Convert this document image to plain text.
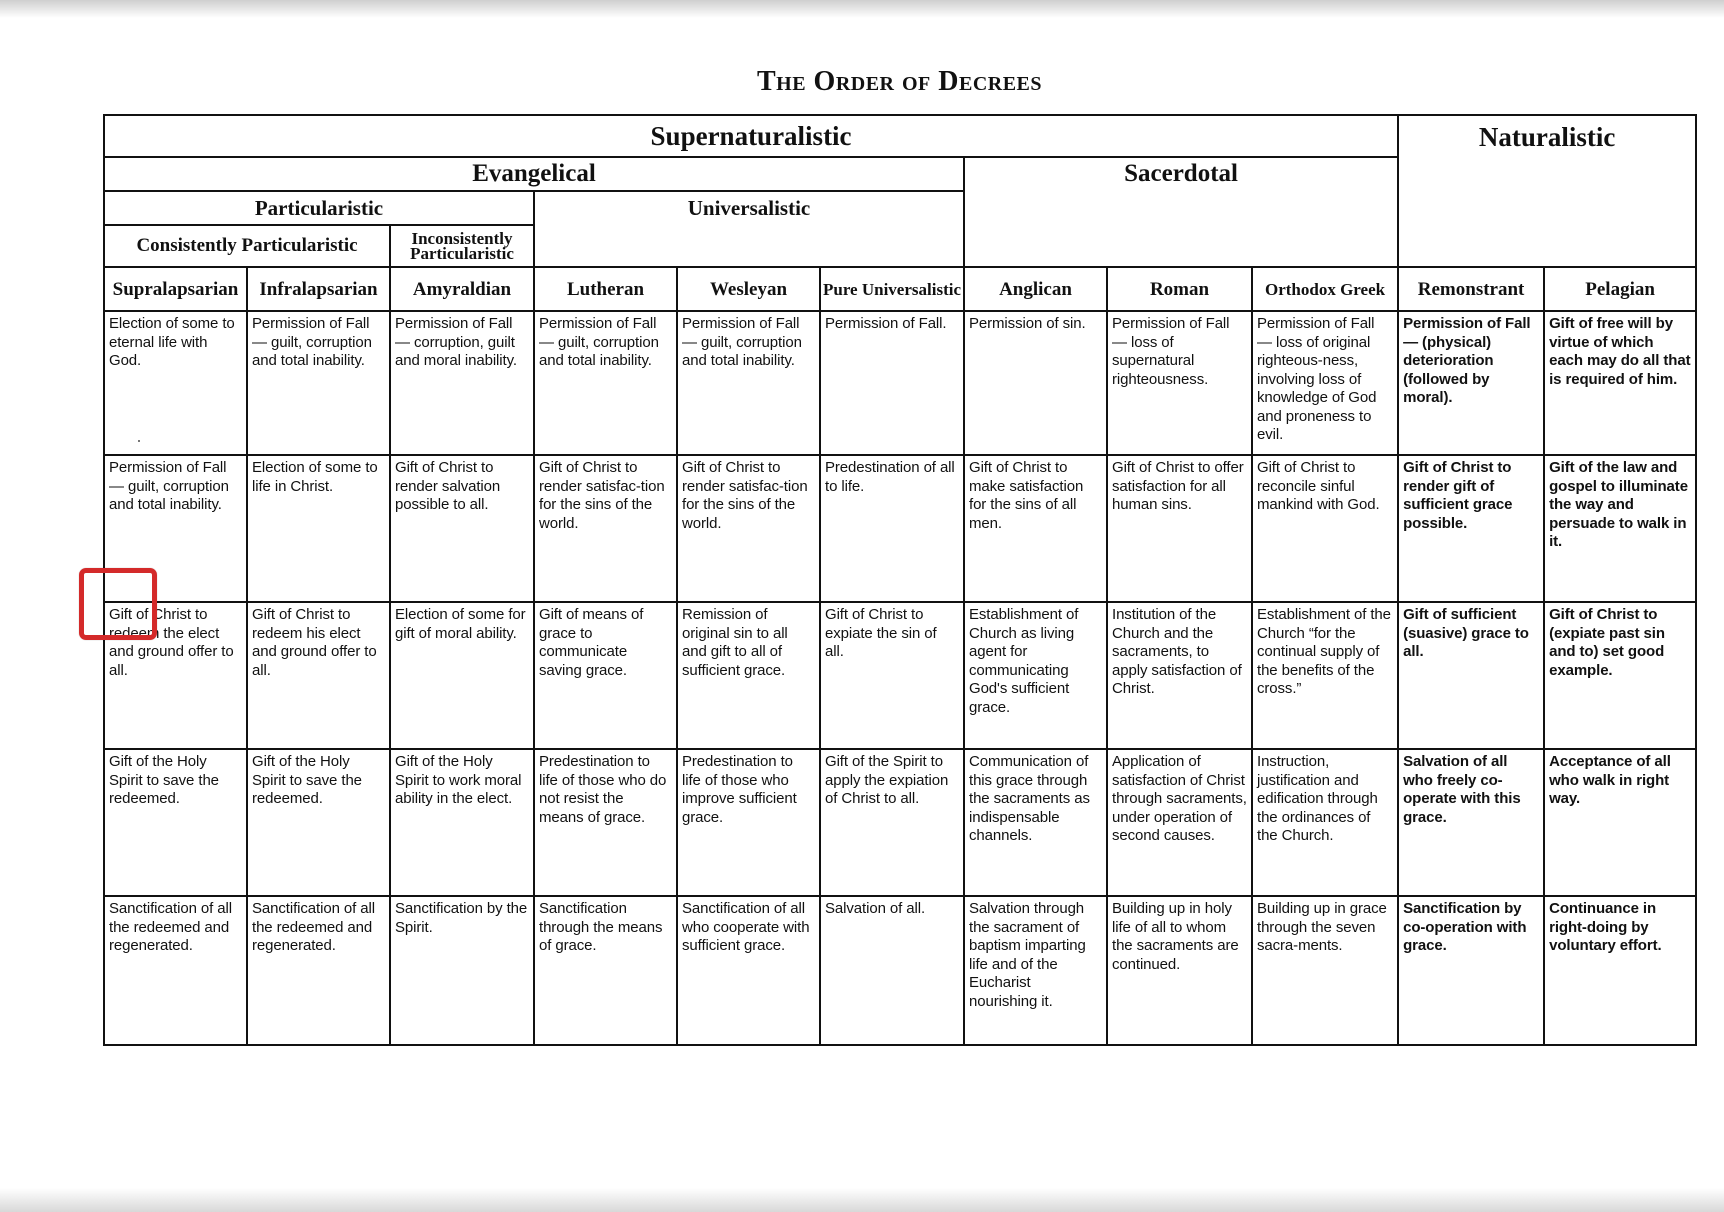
The Order of Decrees
Supernaturalistic									Naturalistic	
Evangelical						Sacerdotal				
Particularistic			Universalistic							
Consistently Particularistic		Inconsistently Particularistic								
Supralapsarian	Infralapsarian	Amyraldian	Lutheran	Wesleyan	Pure Universalistic	Anglican	Roman	Orthodox Greek	Remonstrant	Pelagian
Election of some to eternal life with God.	Permission of Fall — guilt, corruption and total inability.	Permission of Fall — corruption, guilt and moral inability.	Permission of Fall — guilt, corruption and total inability.	Permission of Fall — guilt, corruption and total inability.	Permission of Fall.	Permission of sin.	Permission of Fall — loss of supernatural righteousness.	Permission of Fall — loss of original righteous-ness, involving loss of knowledge of God and proneness to evil.	Permission of Fall — (physical) deterioration (followed by moral).	Gift of free will by virtue of which each may do all that is required of him.
Permission of Fall — guilt, corruption and total inability.	Election of some to life in Christ.	Gift of Christ to render salvation possible to all.	Gift of Christ to render satisfac-tion for the sins of the world.	Gift of Christ to render satisfac-tion for the sins of the world.	Predestination of all to life.	Gift of Christ to make satisfaction for the sins of all men.	Gift of Christ to offer satisfaction for all human sins.	Gift of Christ to reconcile sinful mankind with God.	Gift of Christ to render gift of sufficient grace possible.	Gift of the law and gospel to illuminate the way and persuade to walk in it.
Gift of Christ to redeem the elect and ground offer to all.	Gift of Christ to redeem his elect and ground offer to all.	Election of some for gift of moral ability.	Gift of means of grace to communicate saving grace.	Remission of original sin to all and gift to all of sufficient grace.	Gift of Christ to expiate the sin of all.	Establishment of Church as living agent for communicating God's sufficient grace.	Institution of the Church and the sacraments, to apply satisfaction of Christ.	Establishment of the Church “for the continual supply of the benefits of the cross.”	Gift of sufficient (suasive) grace to all.	Gift of Christ to (expiate past sin and to) set good example.
Gift of the Holy Spirit to save the redeemed.	Gift of the Holy Spirit to save the redeemed.	Gift of the Holy Spirit to work moral ability in the elect.	Predestination to life of those who do not resist the means of grace.	Predestination to life of those who improve sufficient grace.	Gift of the Spirit to apply the expiation of Christ to all.	Communication of this grace through the sacraments as indispensable channels.	Application of satisfaction of Christ through sacraments, under operation of second causes.	Instruction, justification and edification through the ordinances of the Church.	Salvation of all who freely co-operate with this grace.	Acceptance of all who walk in right way.
Sanctification of all the redeemed and regenerated.	Sanctification of all the redeemed and regenerated.	Sanctification by the Spirit.	Sanctification through the means of grace.	Sanctification of all who cooperate with sufficient grace.	Salvation of all.	Salvation through the sacrament of baptism imparting life and of the Eucharist nourishing it.	Building up in holy life of all to whom the sacraments are continued.	Building up in grace through the seven sacra-ments.	Sanctification by co-operation with grace.	Continuance in right-doing by voluntary effort.
